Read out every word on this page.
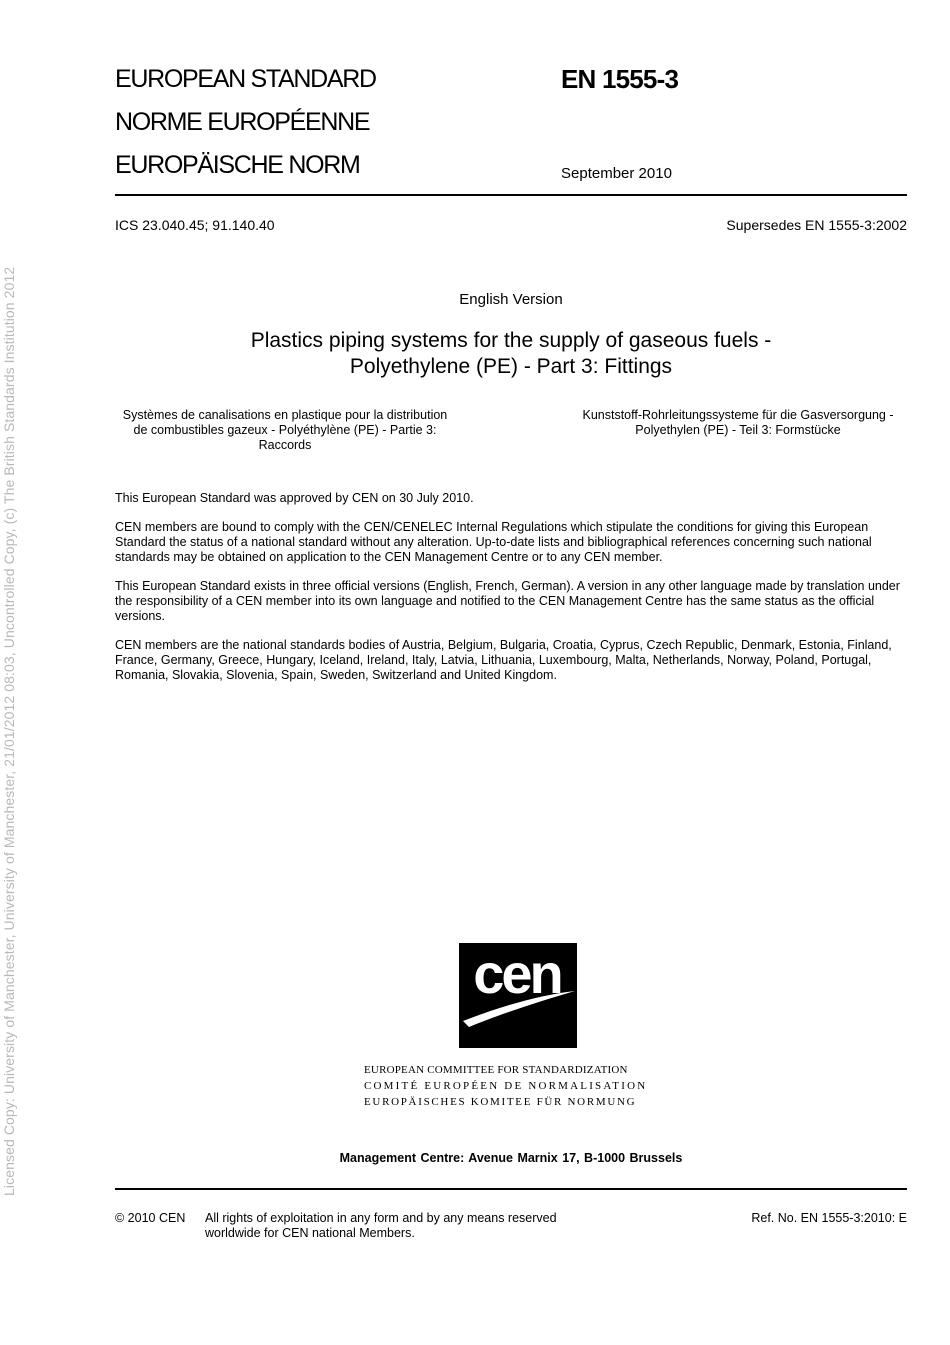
Licensed Copy: University of Manchester, University of Manchester, 21/01/2012 08:03, Uncontrolled Copy, (c) The British Standards Institution 2012
EUROPEAN STANDARD
NORME EUROPÉENNE
EUROPÄISCHE NORM
EN 1555-3
September 2010
ICS 23.040.45; 91.140.40	Supersedes EN 1555-3:2002
English Version
Plastics piping systems for the supply of gaseous fuels -
Polyethylene (PE) - Part 3: Fittings
Systèmes de canalisations en plastique pour la distribution de combustibles gazeux - Polyéthylène (PE) - Partie 3: Raccords
Kunststoff-Rohrleitungssysteme für die Gasversorgung - Polyethylen (PE) - Teil 3: Formstücke

This European Standard was approved by CEN on 30 July 2010.

CEN members are bound to comply with the CEN/CENELEC Internal Regulations which stipulate the conditions for giving this European Standard the status of a national standard without any alteration. Up-to-date lists and bibliographical references concerning such national standards may be obtained on application to the CEN Management Centre or to any CEN member.

This European Standard exists in three official versions (English, French, German). A version in any other language made by translation under the responsibility of a CEN member into its own language and notified to the CEN Management Centre has the same status as the official versions.

CEN members are the national standards bodies of Austria, Belgium, Bulgaria, Croatia, Cyprus, Czech Republic, Denmark, Estonia, Finland, France, Germany, Greece, Hungary, Iceland, Ireland, Italy, Latvia, Lithuania, Luxembourg, Malta, Netherlands, Norway, Poland, Portugal, Romania, Slovakia, Slovenia, Spain, Sweden, Switzerland and United Kingdom.

cen
EUROPEAN COMMITTEE FOR STANDARDIZATION
COMITÉ EUROPÉEN DE NORMALISATION
EUROPÄISCHES KOMITEE FÜR NORMUNG
Management Centre: Avenue Marnix 17, B-1000 Brussels
© 2010 CEN All rights of exploitation in any form and by any means reserved worldwide for CEN national Members.
Ref. No. EN 1555-3:2010: E
